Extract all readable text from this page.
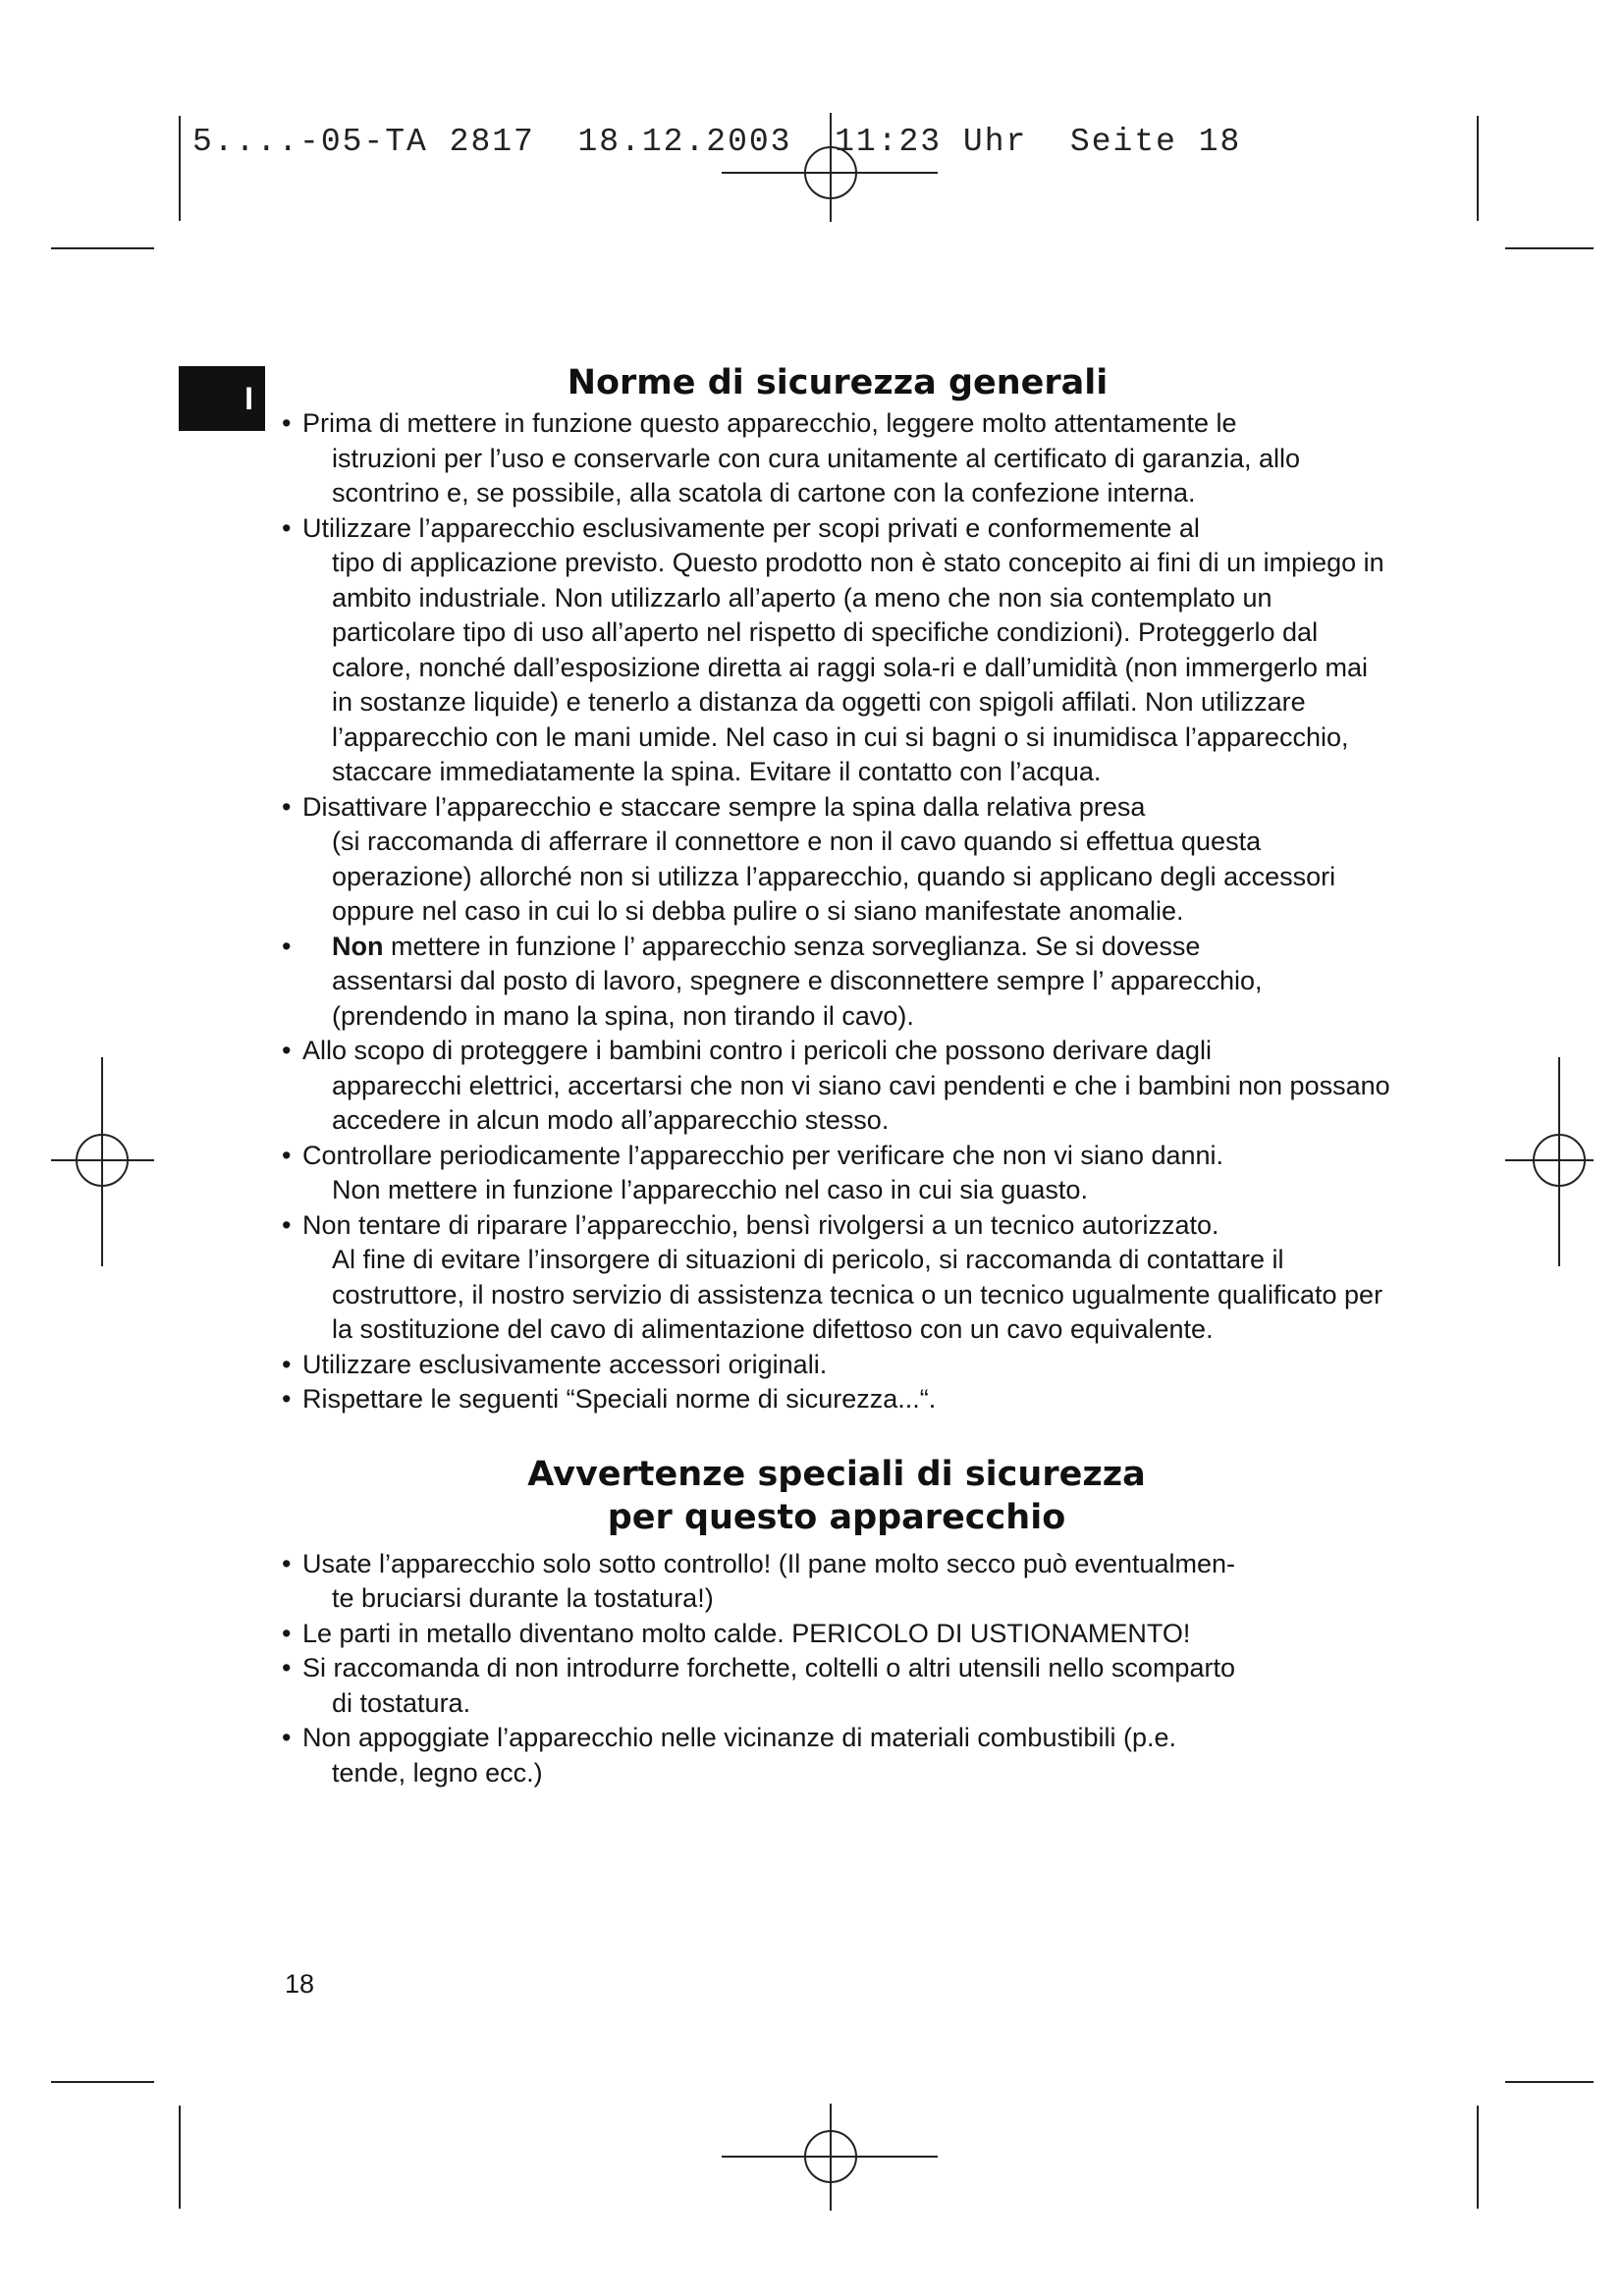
5....-05-TA 2817  18.12.2003  11:23 Uhr  Seite 18
I	Norme di sicurezza generali
• Prima di mettere in funzione questo apparecchio, leggere molto attentamente le
istruzioni per l’uso e conservarle con cura unitamente al certificato di garanzia, allo scontrino e, se possibile, alla scatola di cartone con la confezione interna.
• Utilizzare l’apparecchio esclusivamente per scopi privati e conformemente al
tipo di applicazione previsto. Questo prodotto non è stato concepito ai fini di un impiego in ambito industriale. Non utilizzarlo all’aperto (a meno che non sia contemplato un particolare tipo di uso all’aperto nel rispetto di specifiche condizioni). Proteggerlo dal calore, nonché dall’esposizione diretta ai raggi sola-ri e dall’umidità (non immergerlo mai in sostanze liquide) e tenerlo a distanza da oggetti con spigoli affilati. Non utilizzare l’apparecchio con le mani umide. Nel caso in cui si bagni o si inumidisca l’apparecchio, staccare immediatamente la spina. Evitare il contatto con l’acqua.
• Disattivare l’apparecchio e staccare sempre la spina dalla relativa presa
(si raccomanda di afferrare il connettore e non il cavo quando si effettua questa operazione) allorché non si utilizza l’apparecchio, quando si applicano degli accessori oppure nel caso in cui lo si debba pulire o si siano manifestate anomalie.
• Non mettere in funzione l’ apparecchio senza sorveglianza. Se si dovesse
assentarsi dal posto di lavoro, spegnere e disconnettere sempre l’ apparecchio, (prendendo in mano la spina, non tirando il cavo).
• Allo scopo di proteggere i bambini contro i pericoli che possono derivare dagli
apparecchi elettrici, accertarsi che non vi siano cavi pendenti e che i bambini non possano accedere in alcun modo all’apparecchio stesso.
• Controllare periodicamente l’apparecchio per verificare che non vi siano danni.
Non mettere in funzione l’apparecchio nel caso in cui sia guasto.
• Non tentare di riparare l’apparecchio, bensì rivolgersi a un tecnico autorizzato.
Al fine di evitare l’insorgere di situazioni di pericolo, si raccomanda di contattare il costruttore, il nostro servizio di assistenza tecnica o un tecnico ugualmente qualificato per la sostituzione del cavo di alimentazione difettoso con un cavo equivalente.
• Utilizzare esclusivamente accessori originali.
• Rispettare le seguenti “Speciali norme di sicurezza...“.
Avvertenze speciali di sicurezza
per questo apparecchio
• Usate l’apparecchio solo sotto controllo! (Il pane molto secco può eventualmen-
te bruciarsi durante la tostatura!)
• Le parti in metallo diventano molto calde. PERICOLO DI USTIONAMENTO!
• Si raccomanda di non introdurre forchette, coltelli o altri utensili nello scomparto
di tostatura.
• Non appoggiate l’apparecchio nelle vicinanze di materiali combustibili (p.e.
tende, legno ecc.)
18
